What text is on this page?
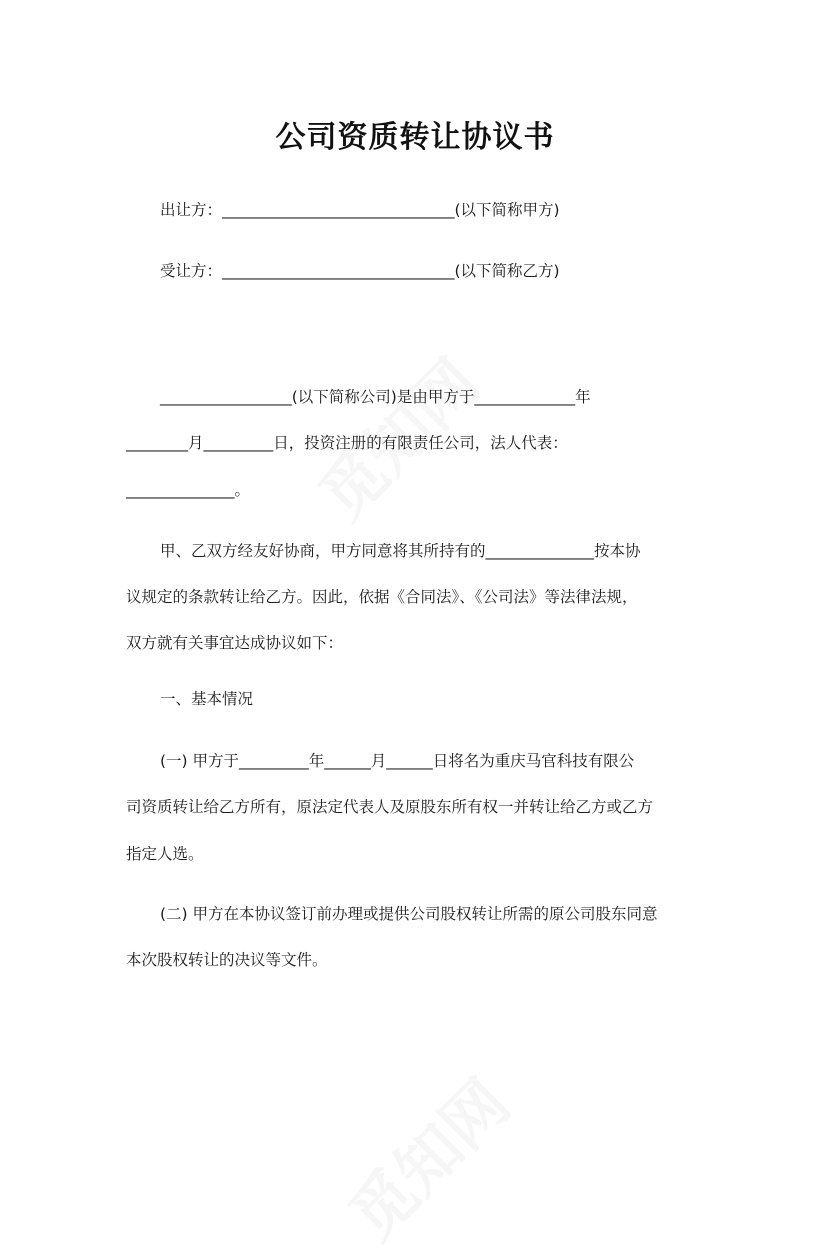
公司资质转让协议书
出让方：______________________________(以下简称甲方)
受让方：______________________________(以下简称乙方)
_________________(以下简称公司)是由甲方于_____________年
________月_________日，投资注册的有限责任公司，法人代表：
______________。
甲、乙双方经友好协商，甲方同意将其所持有的______________按本协
议规定的条款转让给乙方。因此，依据《合同法》、《公司法》等法律法规，
双方就有关事宜达成协议如下：
一、基本情况
(一) 甲方于_________年______月______日将名为重庆马官科技有限公
司资质转让给乙方所有，原法定代表人及原股东所有权一并转让给乙方或乙方
指定人选。
(二) 甲方在本协议签订前办理或提供公司股权转让所需的原公司股东同意
本次股权转让的决议等文件。
